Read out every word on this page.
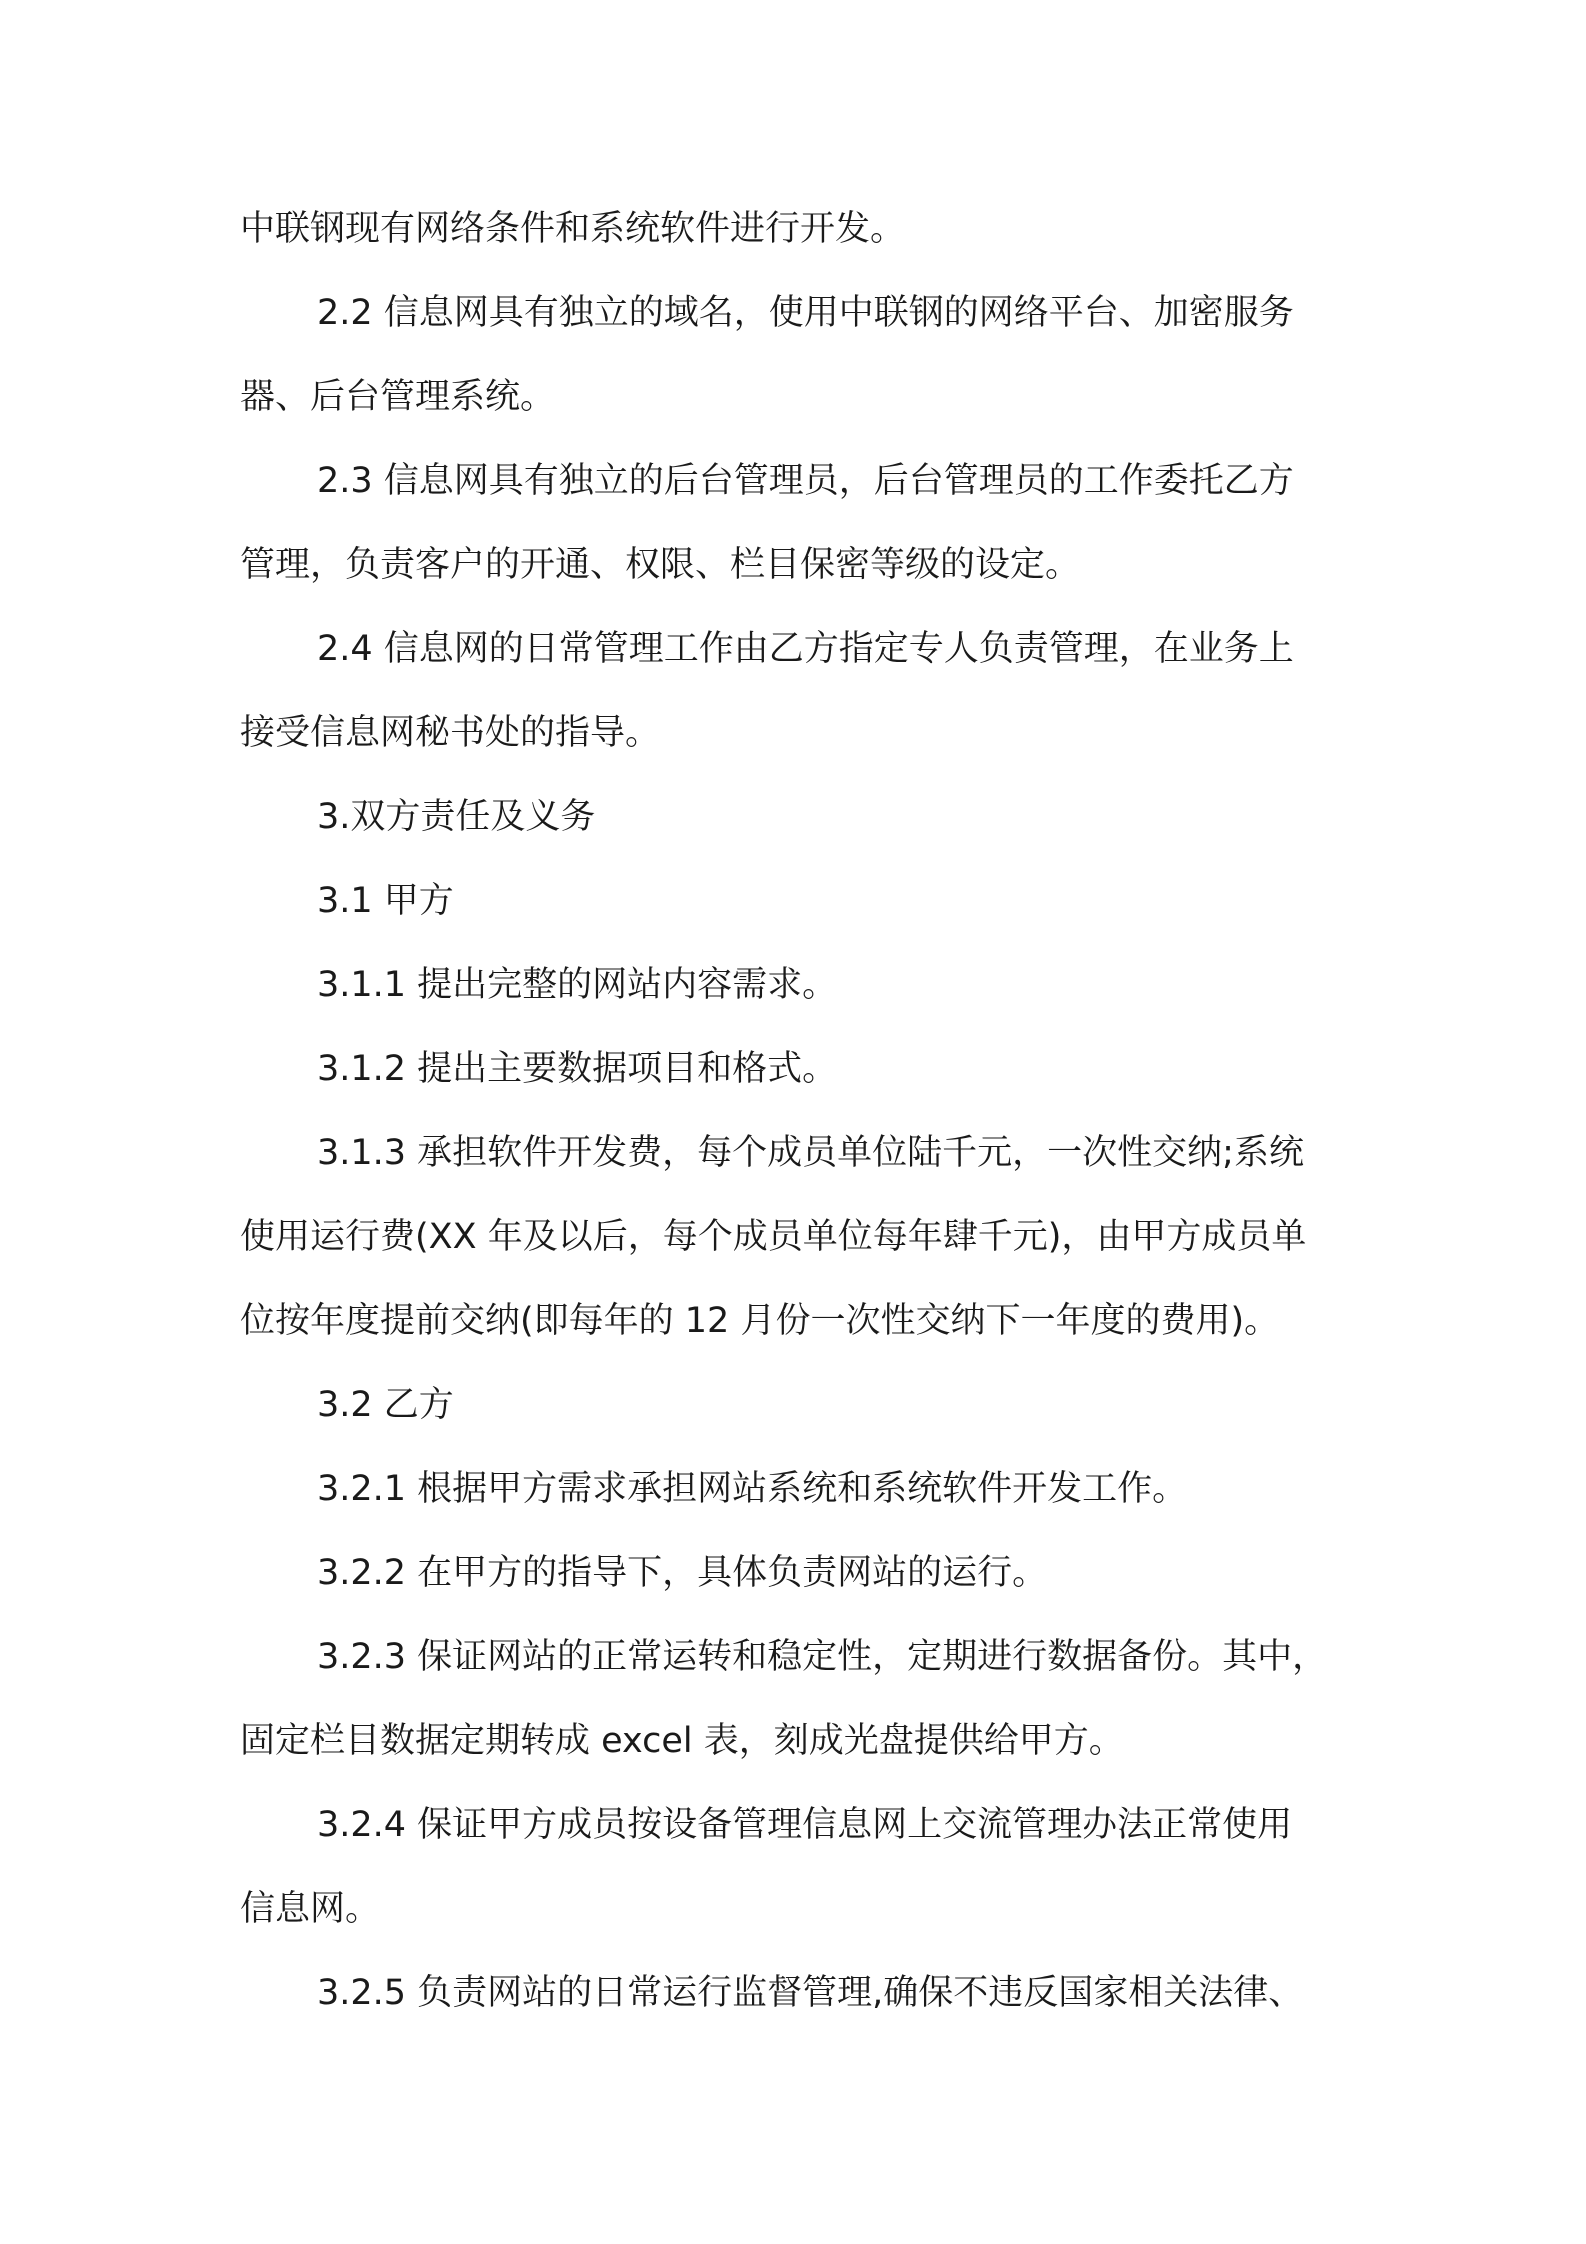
中联钢现有网络条件和系统软件进行开发。
2.2 信息网具有独立的域名，使用中联钢的网络平台、加密服务
器、后台管理系统。
2.3 信息网具有独立的后台管理员，后台管理员的工作委托乙方
管理，负责客户的开通、权限、栏目保密等级的设定。
2.4 信息网的日常管理工作由乙方指定专人负责管理，在业务上
接受信息网秘书处的指导。
3.双方责任及义务
3.1 甲方
3.1.1 提出完整的网站内容需求。
3.1.2 提出主要数据项目和格式。
3.1.3 承担软件开发费，每个成员单位陆千元，一次性交纳;系统
使用运行费(XX 年及以后，每个成员单位每年肆千元)，由甲方成员单
位按年度提前交纳(即每年的 12 月份一次性交纳下一年度的费用)。
3.2 乙方
3.2.1 根据甲方需求承担网站系统和系统软件开发工作。
3.2.2 在甲方的指导下，具体负责网站的运行。
3.2.3 保证网站的正常运转和稳定性，定期进行数据备份。其中，
固定栏目数据定期转成 excel 表，刻成光盘提供给甲方。
3.2.4 保证甲方成员按设备管理信息网上交流管理办法正常使用
信息网。
3.2.5 负责网站的日常运行监督管理,确保不违反国家相关法律、
